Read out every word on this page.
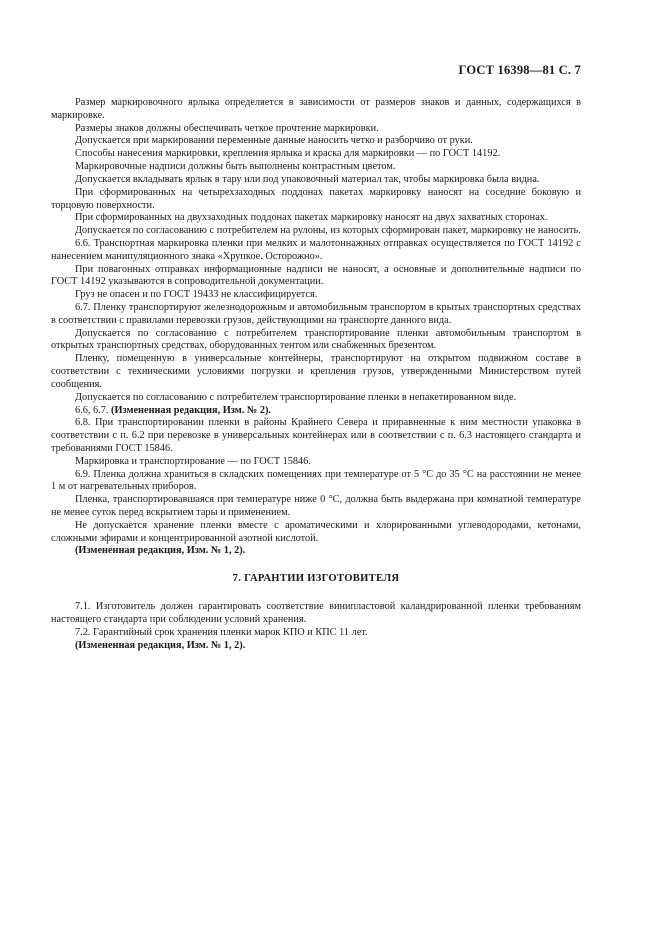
ГОСТ 16398—81 С. 7

Размер маркировочного ярлыка определяется в зависимости от размеров знаков и данных, содержащихся в маркировке.

Размеры знаков должны обеспечивать четкое прочтение маркировки.

Допускается при маркировании переменные данные наносить четко и разборчиво от руки.

Способы нанесения маркировки, крепления ярлыка и краска для маркировки — по ГОСТ 14192.

Маркировочные надписи должны быть выполнены контрастным цветом.

Допускается вкладывать ярлык в тару или под упаковочный материал так, чтобы маркировка была видна.

При сформированных на четырехзаходных поддонах пакетах маркировку наносят на соседние боковую и торцовую поверхности.

При сформированных на двухзаходных поддонах пакетах маркировку наносят на двух захватных сторонах.

Допускается по согласованию с потребителем на рулоны, из которых сформирован пакет, маркировку не наносить.

6.6. Транспортная маркировка пленки при мелких и малотоннажных отправках осуществляется по ГОСТ 14192 с нанесением манипуляционного знака «Хрупкое. Осторожно».

При повагонных отправках информационные надписи не наносят, а основные и дополнительные надписи по ГОСТ 14192 указываются в сопроводительной документации.

Груз не опасен и по ГОСТ 19433 не классифицируется.

6.7. Пленку транспортируют железнодорожным и автомобильным транспортом в крытых транспортных средствах в соответствии с правилами перевозки грузов, действующими на транспорте данного вида.

Допускается по согласованию с потребителем транспортирование пленки автомобильным транспортом в открытых транспортных средствах, оборудованных тентом или снабженных брезентом.

Пленку, помещенную в универсальные контейнеры, транспортируют на открытом подвижном составе в соответствии с техническими условиями погрузки и крепления грузов, утвержденными Министерством путей сообщения.

Допускается по согласованию с потребителем транспортирование пленки в непакетированном виде.

6.6, 6.7. (Измененная редакция, Изм. № 2).

6.8. При транспортировании пленки в районы Крайнего Севера и приравненные к ним местности упаковка в соответствии с п. 6.2 при перевозке в универсальных контейнерах или в соответствии с п. 6.3 настоящего стандарта и требованиями ГОСТ 15846.

Маркировка и транспортирование — по ГОСТ 15846.

6.9. Пленка должна храниться в складских помещениях при температуре от 5 °С до 35 °С на расстоянии не менее 1 м от нагревательных приборов.

Пленка, транспортировавшаяся при температуре ниже 0 °С, должна быть выдержана при комнатной температуре не менее суток перед вскрытием тары и применением.

Не допускается хранение пленки вместе с ароматическими и хлорированными углеводородами, кетонами, сложными эфирами и концентрированной азотной кислотой.

(Измененная редакция, Изм. № 1, 2).

7. ГАРАНТИИ ИЗГОТОВИТЕЛЯ

7.1. Изготовитель должен гарантировать соответствие винипластовой каландрированной пленки требованиям настоящего стандарта при соблюдении условий хранения.

7.2. Гарантийный срок хранения пленки марок КПО и КПС 11 лет.

(Измененная редакция, Изм. № 1, 2).
